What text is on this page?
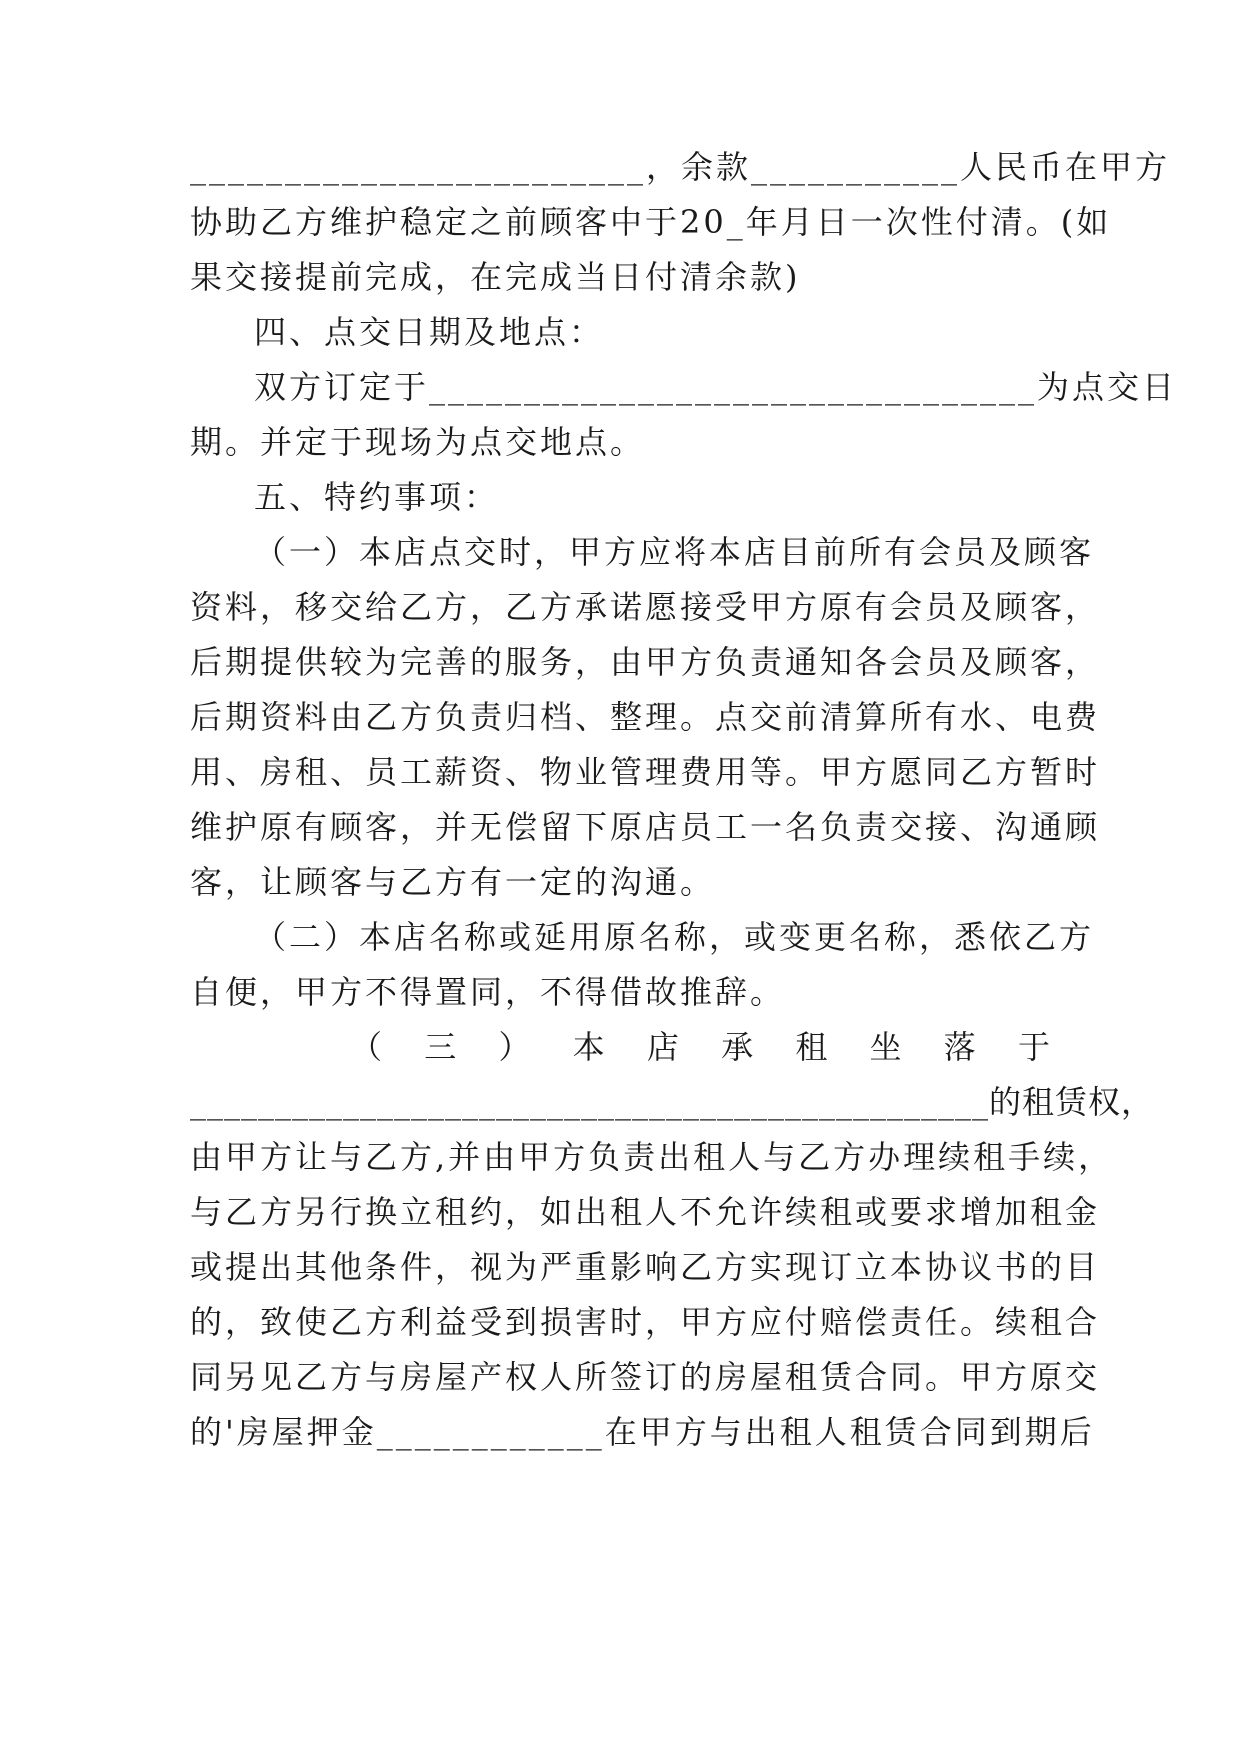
________________________，余款___________人民币在甲方
协助乙方维护稳定之前顾客中于20_年月日一次性付清。(如
果交接提前完成，在完成当日付清余款)
四、点交日期及地点：
双方订定于________________________________为点交日
期。并定于现场为点交地点。
五、特约事项：
（一）本店点交时，甲方应将本店目前所有会员及顾客
资料，移交给乙方，乙方承诺愿接受甲方原有会员及顾客，
后期提供较为完善的服务，由甲方负责通知各会员及顾客，
后期资料由乙方负责归档、整理。点交前清算所有水、电费
用、房租、员工薪资、物业管理费用等。甲方愿同乙方暂时
维护原有顾客，并无偿留下原店员工一名负责交接、沟通顾
客，让顾客与乙方有一定的沟通。
（二）本店名称或延用原名称，或变更名称，悉依乙方
自便，甲方不得置同，不得借故推辞。
（ 三 ） 本 店 承 租 坐 落 于
_______________________________________________的租赁权，
由甲方让与乙方,并由甲方负责出租人与乙方办理续租手续，
与乙方另行换立租约，如出租人不允许续租或要求增加租金
或提出其他条件，视为严重影响乙方实现订立本协议书的目
的，致使乙方利益受到损害时，甲方应付赔偿责任。续租合
同另见乙方与房屋产权人所签订的房屋租赁合同。甲方原交
的'房屋押金____________在甲方与出租人租赁合同到期后
